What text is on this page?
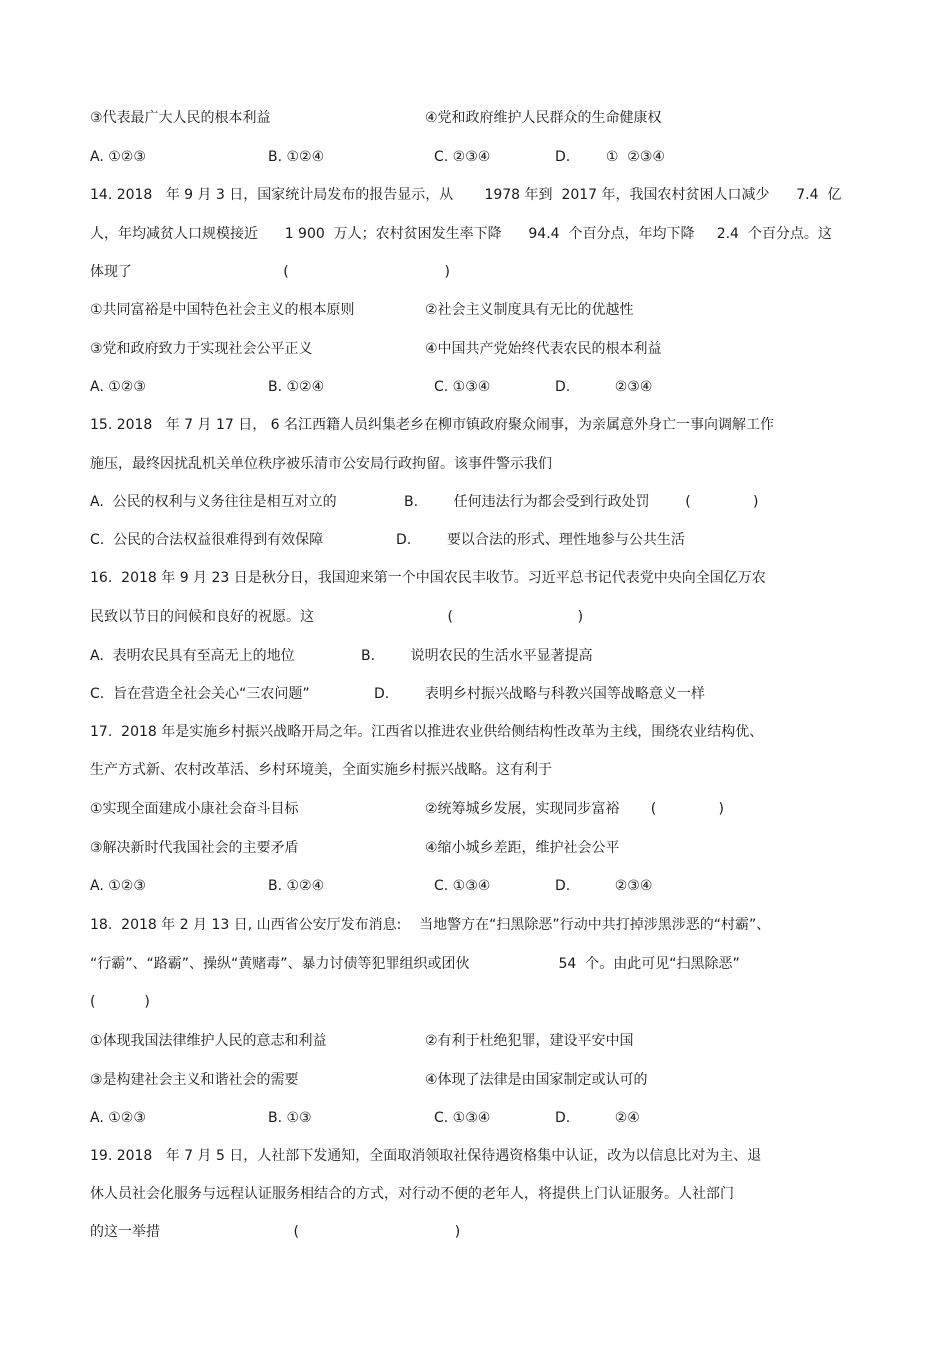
③代表最广大人民的根本利益	④党和政府维护人民群众的生命健康权
A. ①②③	B. ①②④	C. ②③④	D.        ①  ②③④
14. 2018   年 9 月 3 日，国家统计局发布的报告显示，从       1978 年到  2017 年，我国农村贫困人口减少      7.4  亿
人，年均减贫人口规模接近      1 900  万人；农村贫困发生率下降      94.4  个百分点，年均下降     2.4  个百分点。这
体现了                                  (                                   )
①共同富裕是中国特色社会主义的根本原则	②社会主义制度具有无比的优越性
③党和政府致力于实现社会公平正义	④中国共产党始终代表农民的根本利益
A. ①②③	B. ①②④	C. ①③④	D.          ②③④
15. 2018   年 7 月 17 日， 6 名江西籍人员纠集老乡在柳市镇政府聚众闹事，为亲属意外身亡一事向调解工作
施压，最终因扰乱机关单位秩序被乐清市公安局行政拘留。该事件警示我们
A.  公民的权利与义务往往是相互对立的	B.        任何违法行为都会受到行政处罚        (              )
C.  公民的合法权益很难得到有效保障	D.        要以合法的形式、理性地参与公共生活
16.  2018 年 9 月 23 日是秋分日，我国迎来第一个中国农民丰收节。习近平总书记代表党中央向全国亿万农
民致以节日的问候和良好的祝愿。这                              (                            )
A.  表明农民具有至高无上的地位	B.        说明农民的生活水平显著提高
C.  旨在营造全社会关心“三农问题”	D.        表明乡村振兴战略与科教兴国等战略意义一样
17.  2018 年是实施乡村振兴战略开局之年。江西省以推进农业供给侧结构性改革为主线，围绕农业结构优、
生产方式新、农村改革活、乡村环境美，全面实施乡村振兴战略。这有利于
①实现全面建成小康社会奋斗目标	②统筹城乡发展，实现同步富裕       (              )
③解决新时代我国社会的主要矛盾	④缩小城乡差距，维护社会公平
A. ①②③	B. ①②④	C. ①③④	D.          ②③④
18.  2018 年 2 月 13 日, 山西省公安厅发布消息:    当地警方在“扫黑除恶”行动中共打掉涉黑涉恶的“村霸”、
“行霸”、“路霸”、操纵“黄赌毒”、暴力讨债等犯罪组织或团伙                    54  个。由此可见“扫黑除恶”
(           )
①体现我国法律维护人民的意志和利益	②有利于杜绝犯罪，建设平安中国
③是构建社会主义和谐社会的需要	④体现了法律是由国家制定或认可的
A. ①②③	B. ①③	C. ①③④	D.          ②④
19. 2018   年 7 月 5 日，人社部下发通知，全面取消领取社保待遇资格集中认证，改为以信息比对为主、退
休人员社会化服务与远程认证服务相结合的方式，对行动不便的老年人，将提供上门认证服务。人社部门
的这一举措                              (                                   )
